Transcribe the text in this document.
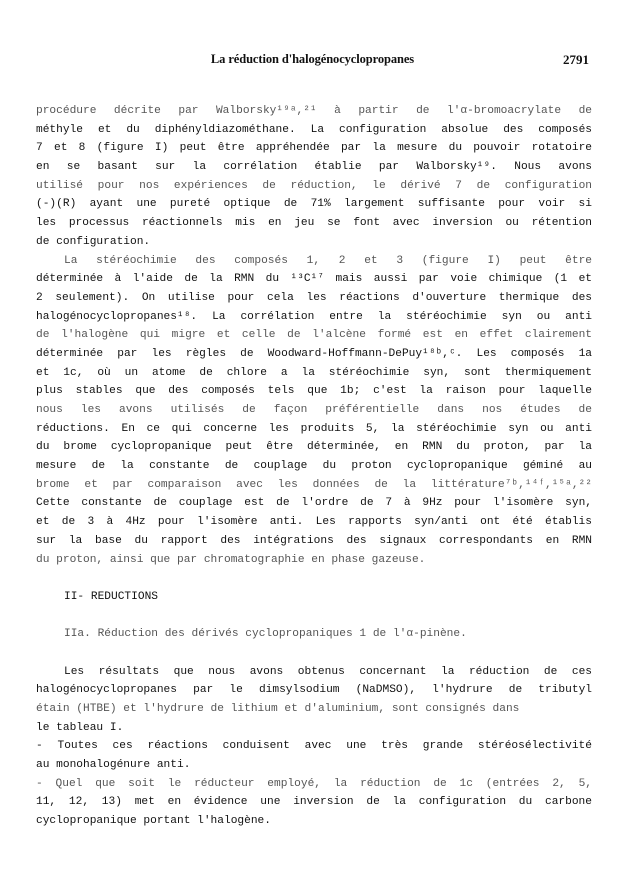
La réduction d'halogénocyclopropanes	2791
procédure décrite par Walborsky¹⁹ᵃ,²¹ à partir de l'α-bromoacrylate de
méthyle et du diphényldiazométhane. La configuration absolue des composés
7 et 8 (figure I) peut être appréhendée par la mesure du pouvoir rotatoire
en se basant sur la corrélation établie par Walborsky¹⁹. Nous avons
utilisé pour nos expériences de réduction, le dérivé 7 de configuration
(-)(R) ayant une pureté optique de 71% largement suffisante pour voir si
les processus réactionnels mis en jeu se font avec inversion ou rétention
de configuration.
La stéréochimie des composés 1, 2 et 3 (figure I) peut être
déterminée à l'aide de la RMN du ¹³C¹⁷ mais aussi par voie chimique (1 et
2 seulement). On utilise pour cela les réactions d'ouverture thermique des
halogénocyclopropanes¹⁸. La corrélation entre la stéréochimie syn ou anti
de l'halogène qui migre et celle de l'alcène formé est en effet clairement
déterminée par les règles de Woodward-Hoffmann-DePuy¹⁸ᵇ,ᶜ. Les composés 1a
et 1c, où un atome de chlore a la stéréochimie syn, sont thermiquement
plus stables que des composés tels que 1b; c'est la raison pour laquelle
nous les avons utilisés de façon préférentielle dans nos études de
réductions. En ce qui concerne les produits 5, la stéréochimie syn ou anti
du brome cyclopropanique peut être déterminée, en RMN du proton, par la
mesure de la constante de couplage du proton cyclopropanique géminé au
brome et par comparaison avec les données de la littérature⁷ᵇ,¹⁴ᶠ,¹⁵ᵃ,²²
Cette constante de couplage est de l'ordre de 7 à 9Hz pour l'isomère syn,
et de 3 à 4Hz pour l'isomère anti. Les rapports syn/anti ont été établis
sur la base du rapport des intégrations des signaux correspondants en RMN
du proton, ainsi que par chromatographie en phase gazeuse.
II- REDUCTIONS
IIa. Réduction des dérivés cyclopropaniques 1 de l'α-pinène.
Les résultats que nous avons obtenus concernant la réduction de ces
halogénocyclopropanes par le dimsylsodium (NaDMSO), l'hydrure de tributyl
étain (HTBE) et l'hydrure de lithium et d'aluminium, sont consignés dans
le tableau I.
- Toutes ces réactions conduisent avec une très grande stéréosélectivité
au monohalogénure anti.
- Quel que soit le réducteur employé, la réduction de 1c (entrées 2, 5,
11, 12, 13) met en évidence une inversion de la configuration du carbone
cyclopropanique portant l'halogène.
